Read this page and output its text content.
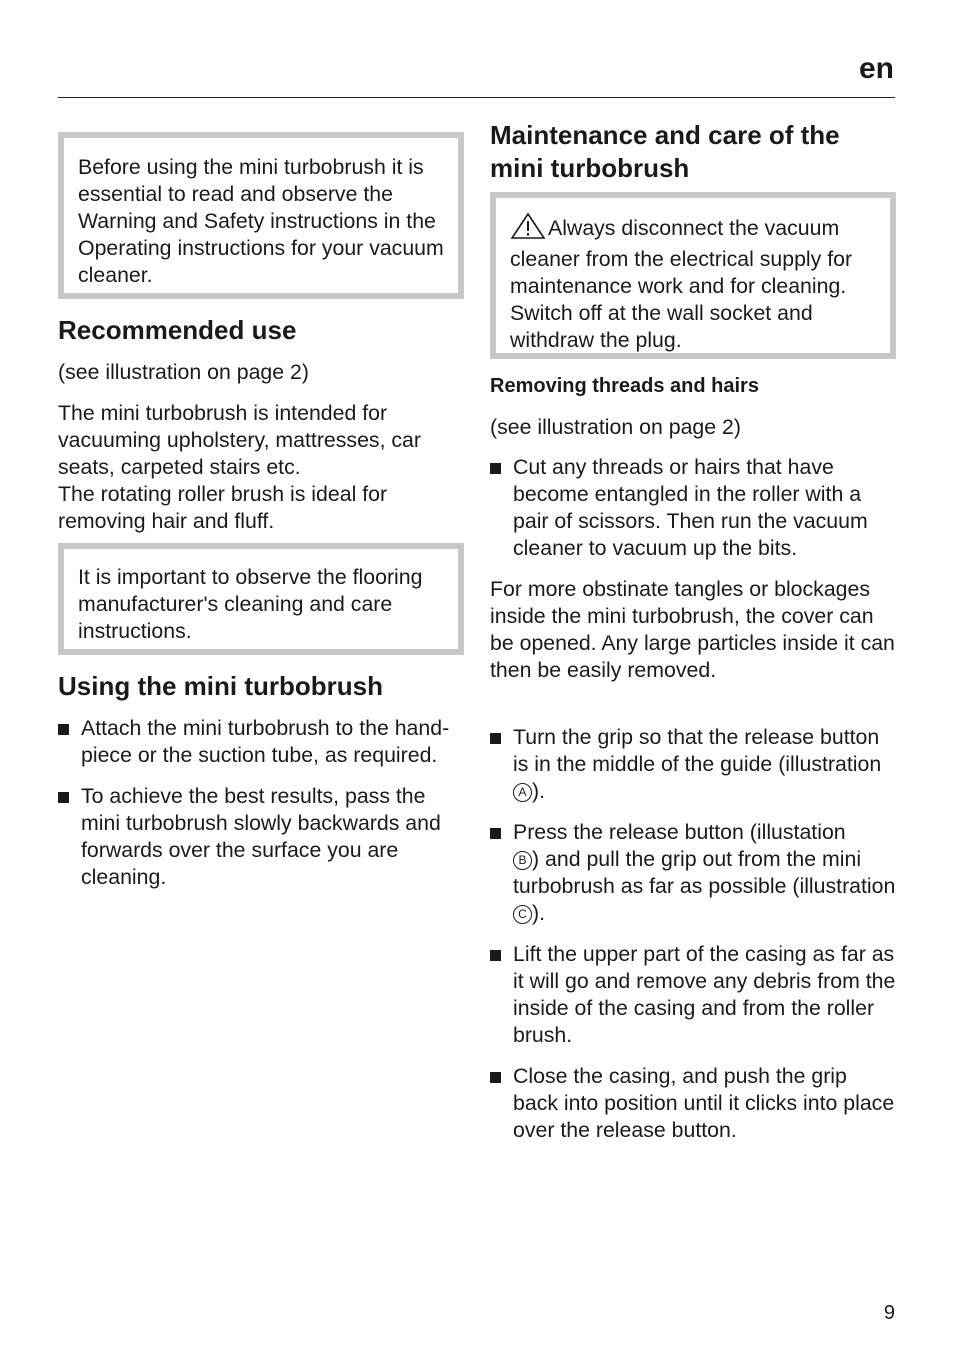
en

Before using the mini turbobrush it is essential to read and observe the Warning and Safety instructions in the Operating instructions for your vacuum cleaner.

Recommended use

(see illustration on page 2)

The mini turbobrush is intended for vacuuming upholstery, mattresses, car seats, carpeted stairs etc.

The rotating roller brush is ideal for removing hair and fluff.

It is important to observe the flooring manufacturer's cleaning and care instructions.

Using the mini turbobrush
Attach the mini turbobrush to the hand-piece or the suction tube, as required.
To achieve the best results, pass the mini turbobrush slowly backwards and forwards over the surface you are cleaning.
Maintenance and care of the mini turbobrush

Always disconnect the vacuum cleaner from the electrical supply for maintenance work and for cleaning. Switch off at the wall socket and withdraw the plug.

Removing threads and hairs

(see illustration on page 2)

Cut any threads or hairs that have become entangled in the roller with a pair of scissors. Then run the vacuum cleaner to vacuum up the bits.

For more obstinate tangles or blockages inside the mini turbobrush, the cover can be opened. Any large particles inside it can then be easily removed.

Turn the grip so that the release button is in the middle of the guide (illustration A ).
Press the release button (illustation
B ) and pull the grip out from the mini turbobrush as far as possible (illustration C ).
Lift the upper part of the casing as far as it will go and remove any debris from the inside of the casing and from the roller brush.
Close the casing, and push the grip back into position until it clicks into place over the release button.
9
